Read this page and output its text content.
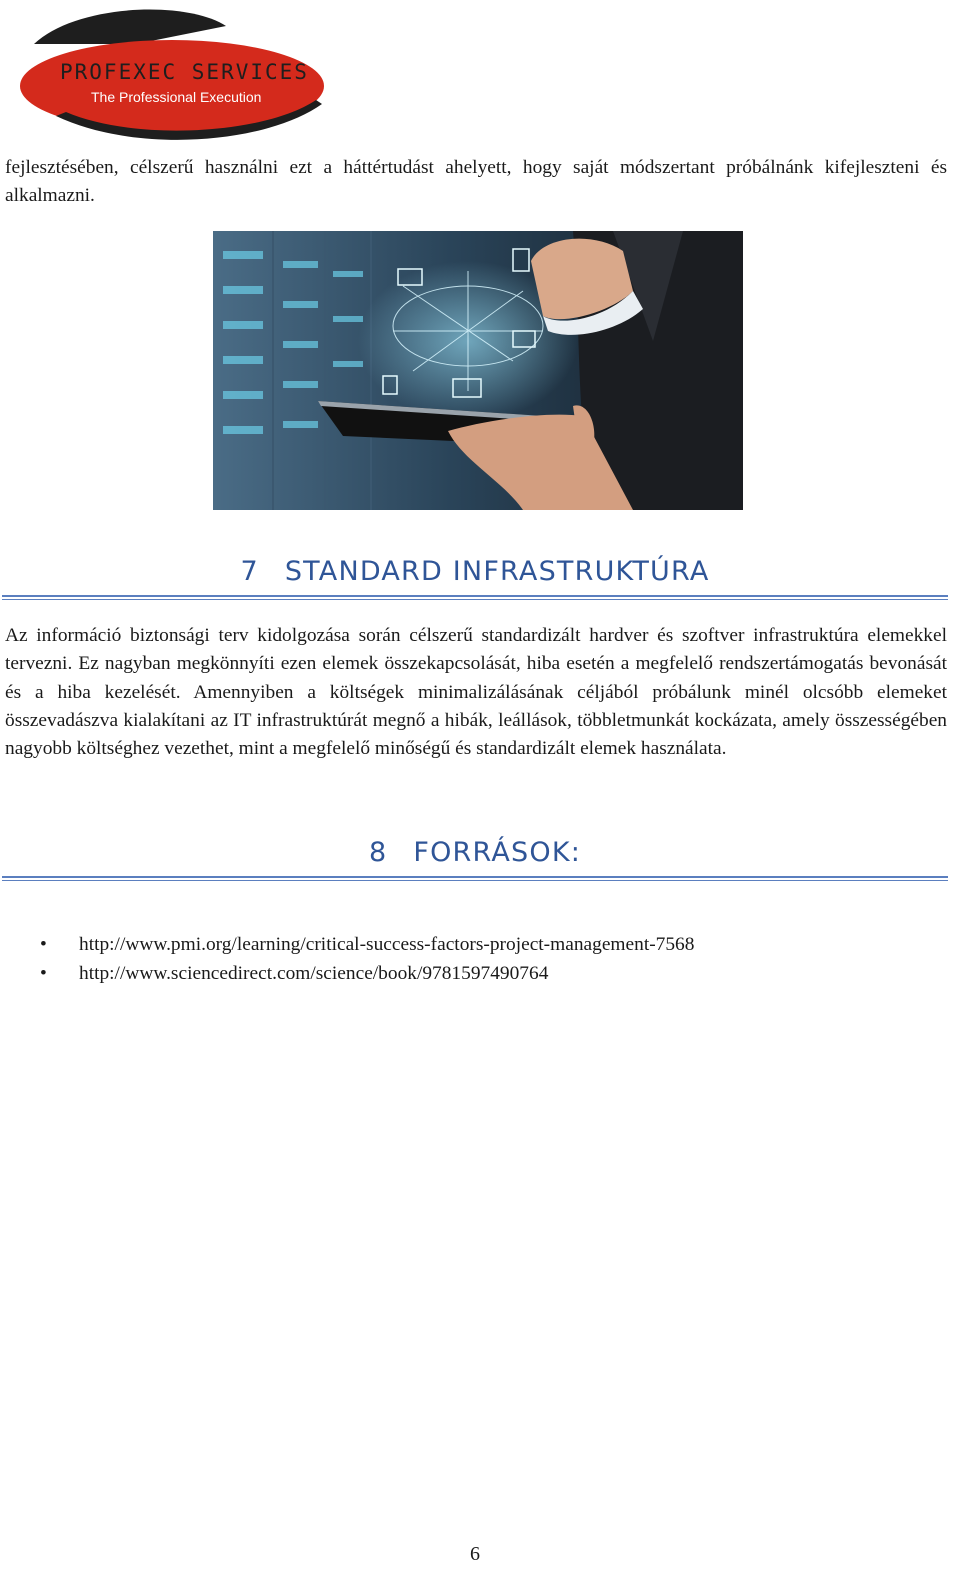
PROFEXEC SERVICES
The Professional Execution

fejlesztésében, célszerű használni ezt a háttértudást ahelyett, hogy saját módszertant próbálnánk kifejleszteni és alkalmazni.

7 STANDARD INFRASTRUKTÚRA

Az információ biztonsági terv kidolgozása során célszerű standardizált hardver és szoftver infrastruktúra elemekkel tervezni. Ez nagyban megkönnyíti ezen elemek összekapcsolását, hiba esetén a megfelelő rendszertámogatás bevonását és a hiba kezelését. Amennyiben a költségek minimalizálásának céljából próbálunk minél olcsóbb elemeket összevadászva kialakítani az IT infrastruktúrát megnő a hibák, leállások, többletmunkát kockázata, amely összességében nagyobb költséghez vezethet, mint a megfelelő minőségű és standardizált elemek használata.

8 FORRÁSOK:
• http://www.pmi.org/learning/critical-success-factors-project-management-7568
• http://www.sciencedirect.com/science/book/9781597490764
6
